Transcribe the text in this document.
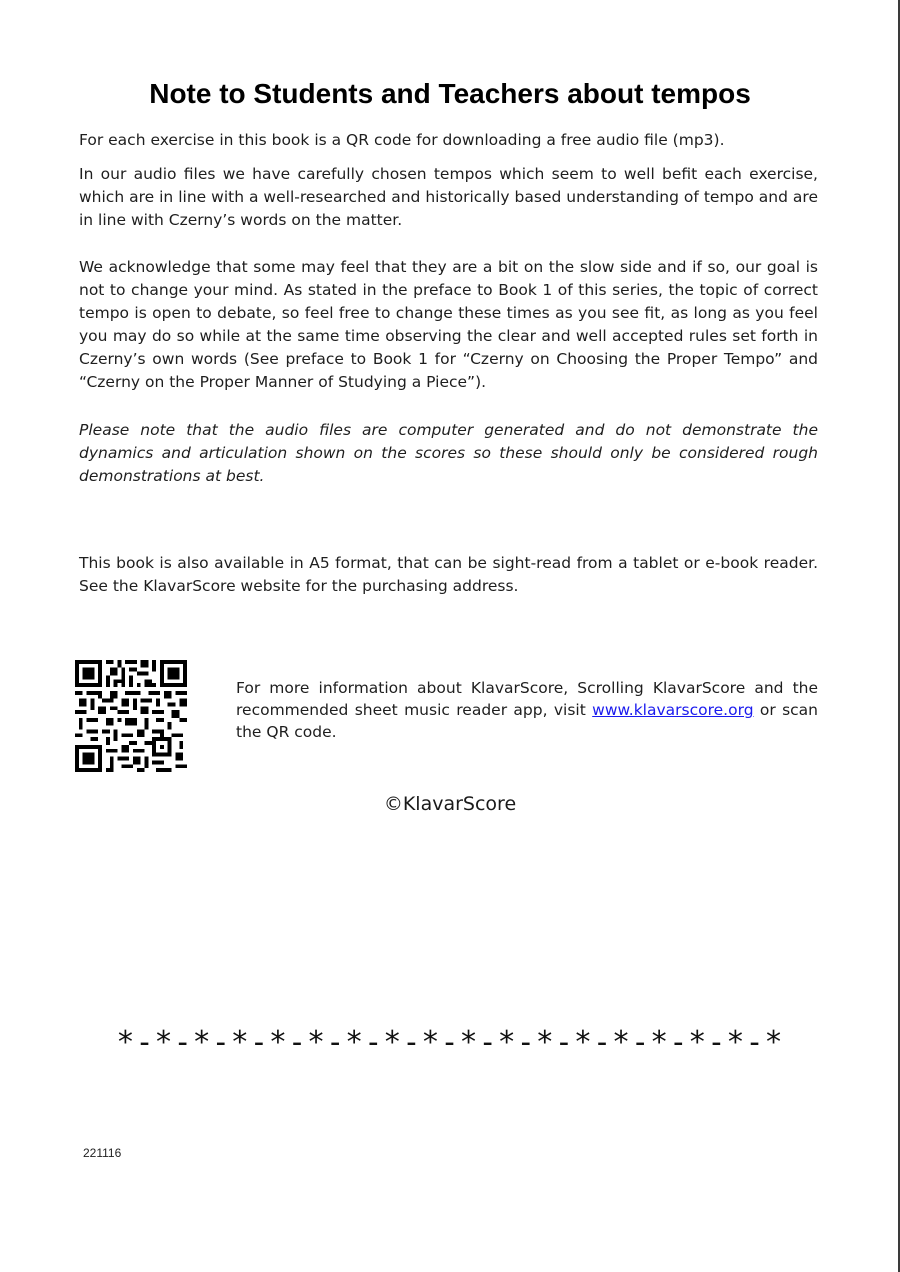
Note to Students and Teachers about tempos

For each exercise in this book is a QR code for downloading a free audio file (mp3).

In our audio files we have carefully chosen tempos which seem to well befit each exercise, which are in line with a well-researched and historically based understanding of tempo and are in line with Czerny’s words on the matter.

We acknowledge that some may feel that they are a bit on the slow side and if so, our goal is not to change your mind. As stated in the preface to Book 1 of this series, the topic of correct tempo is open to debate, so feel free to change these times as you see fit, as long as you feel you may do so while at the same time observing the clear and well accepted rules set forth in Czerny’s own words (See preface to Book 1 for “Czerny on Choosing the Proper Tempo” and “Czerny on the Proper Manner of Studying a Piece”).

Please note that the audio files are computer generated and do not demonstrate the dynamics and articulation shown on the scores so these should only be considered rough demonstrations at best.

This book is also available in A5 format, that can be sight-read from a tablet or e-book reader. See the KlavarScore website for the purchasing address.

For more information about KlavarScore, Scrolling KlavarScore and the recommended sheet music reader app, visit www.klavarscore.org or scan the QR code.

©KlavarScore
*-*-*-*-*-*-*-*-*-*-*-*-*-*-*-*-*-*
221116
